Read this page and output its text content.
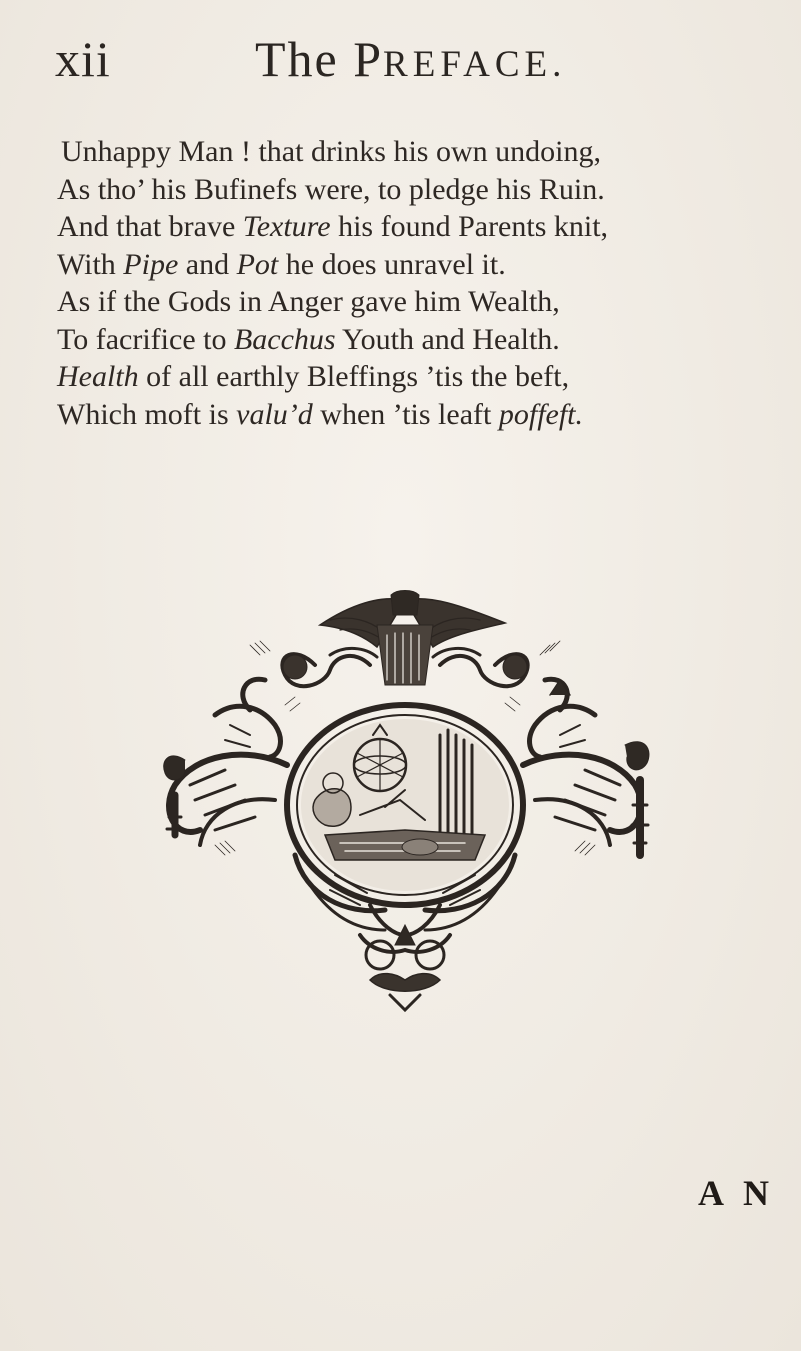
xii	The PREFACE.
Unhappy Man ! that drinks his own undoing,
As tho’ his Bufinefs were, to pledge his Ruin.
And that brave Texture his found Parents knit,
With Pipe and Pot he does unravel it.
As if the Gods in Anger gave him Wealth,
To facrifice to Bacchus Youth and Health.
Health of all earthly Bleffings ’tis the beft,
Which moft is valu’d when ’tis leaft poffeft.
A N
